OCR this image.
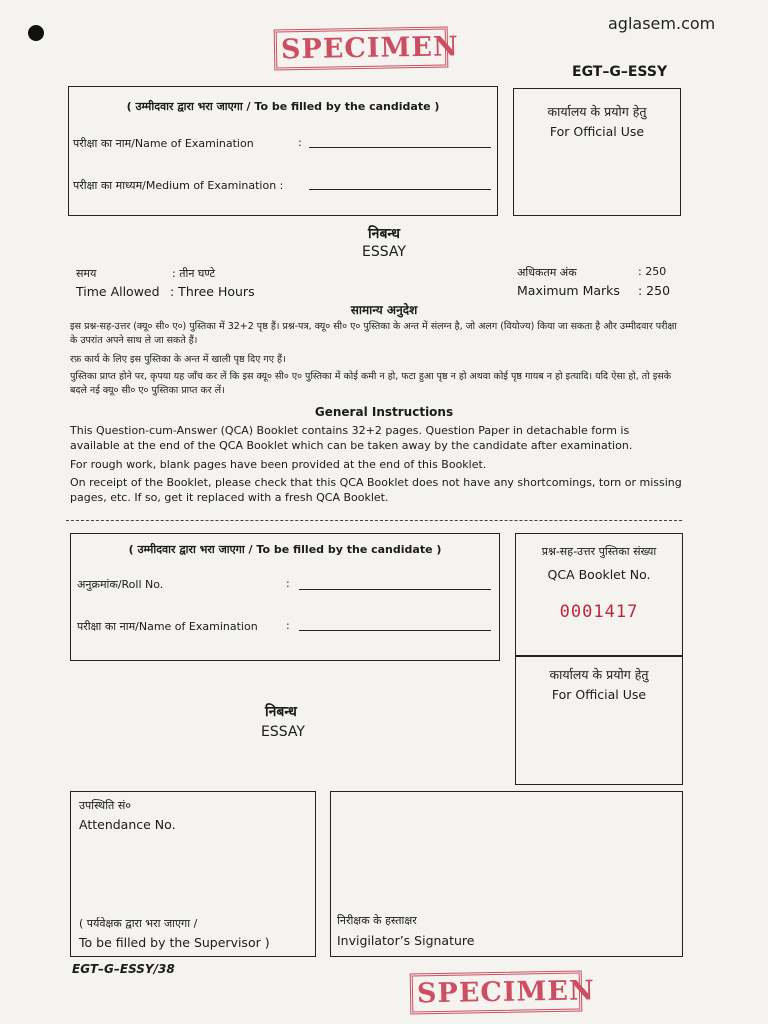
aglasem.com
SPECIMEN
EGT–G–ESSY
( उम्मीदवार द्वारा भरा जाएगा / To be filled by the candidate )
परीक्षा का नाम/Name of Examination	:
परीक्षा का माध्यम/Medium of Examination :
कार्यालय के प्रयोग हेतु
For Official Use
निबन्ध
ESSAY
समय	: तीन घण्टे
Time Allowed : Three Hours
अधिकतम अंक	: 250
Maximum Marks : 250
सामान्य अनुदेश
इस प्रश्न-सह-उत्तर (क्यू० सी० ए०) पुस्तिका में 32+2 पृष्ठ हैं। प्रश्न-पत्र, क्यू० सी० ए० पुस्तिका के अन्त में संलग्न है, जो अलग (वियोज्य) किया जा सकता है और उम्मीदवार परीक्षा के उपरांत अपने साथ ले जा सकते हैं।
रफ़ कार्य के लिए इस पुस्तिका के अन्त में खाली पृष्ठ दिए गए हैं।
पुस्तिका प्राप्त होने पर, कृपया यह जाँच कर लें कि इस क्यू० सी० ए० पुस्तिका में कोई कमी न हो, फटा हुआ पृष्ठ न हो अथवा कोई पृष्ठ गायब न हो इत्यादि। यदि ऐसा हो, तो इसके बदले नई क्यू० सी० ए० पुस्तिका प्राप्त कर लें।
General Instructions
This Question-cum-Answer (QCA) Booklet contains 32+2 pages. Question Paper in detachable form is available at the end of the QCA Booklet which can be taken away by the candidate after examination.
For rough work, blank pages have been provided at the end of this Booklet.
On receipt of the Booklet, please check that this QCA Booklet does not have any shortcomings, torn or missing pages, etc. If so, get it replaced with a fresh QCA Booklet.
( उम्मीदवार द्वारा भरा जाएगा / To be filled by the candidate )
अनुक्रमांक/Roll No.	:
परीक्षा का नाम/Name of Examination	:
प्रश्न-सह-उत्तर पुस्तिका संख्या
QCA Booklet No.
0001417
कार्यालय के प्रयोग हेतु
For Official Use
निबन्ध
ESSAY
उपस्थिति सं०
Attendance No.
( पर्यवेक्षक द्वारा भरा जाएगा /
To be filled by the Supervisor )
निरीक्षक के हस्ताक्षर
Invigilator’s Signature
EGT–G–ESSY/38
SPECIMEN
